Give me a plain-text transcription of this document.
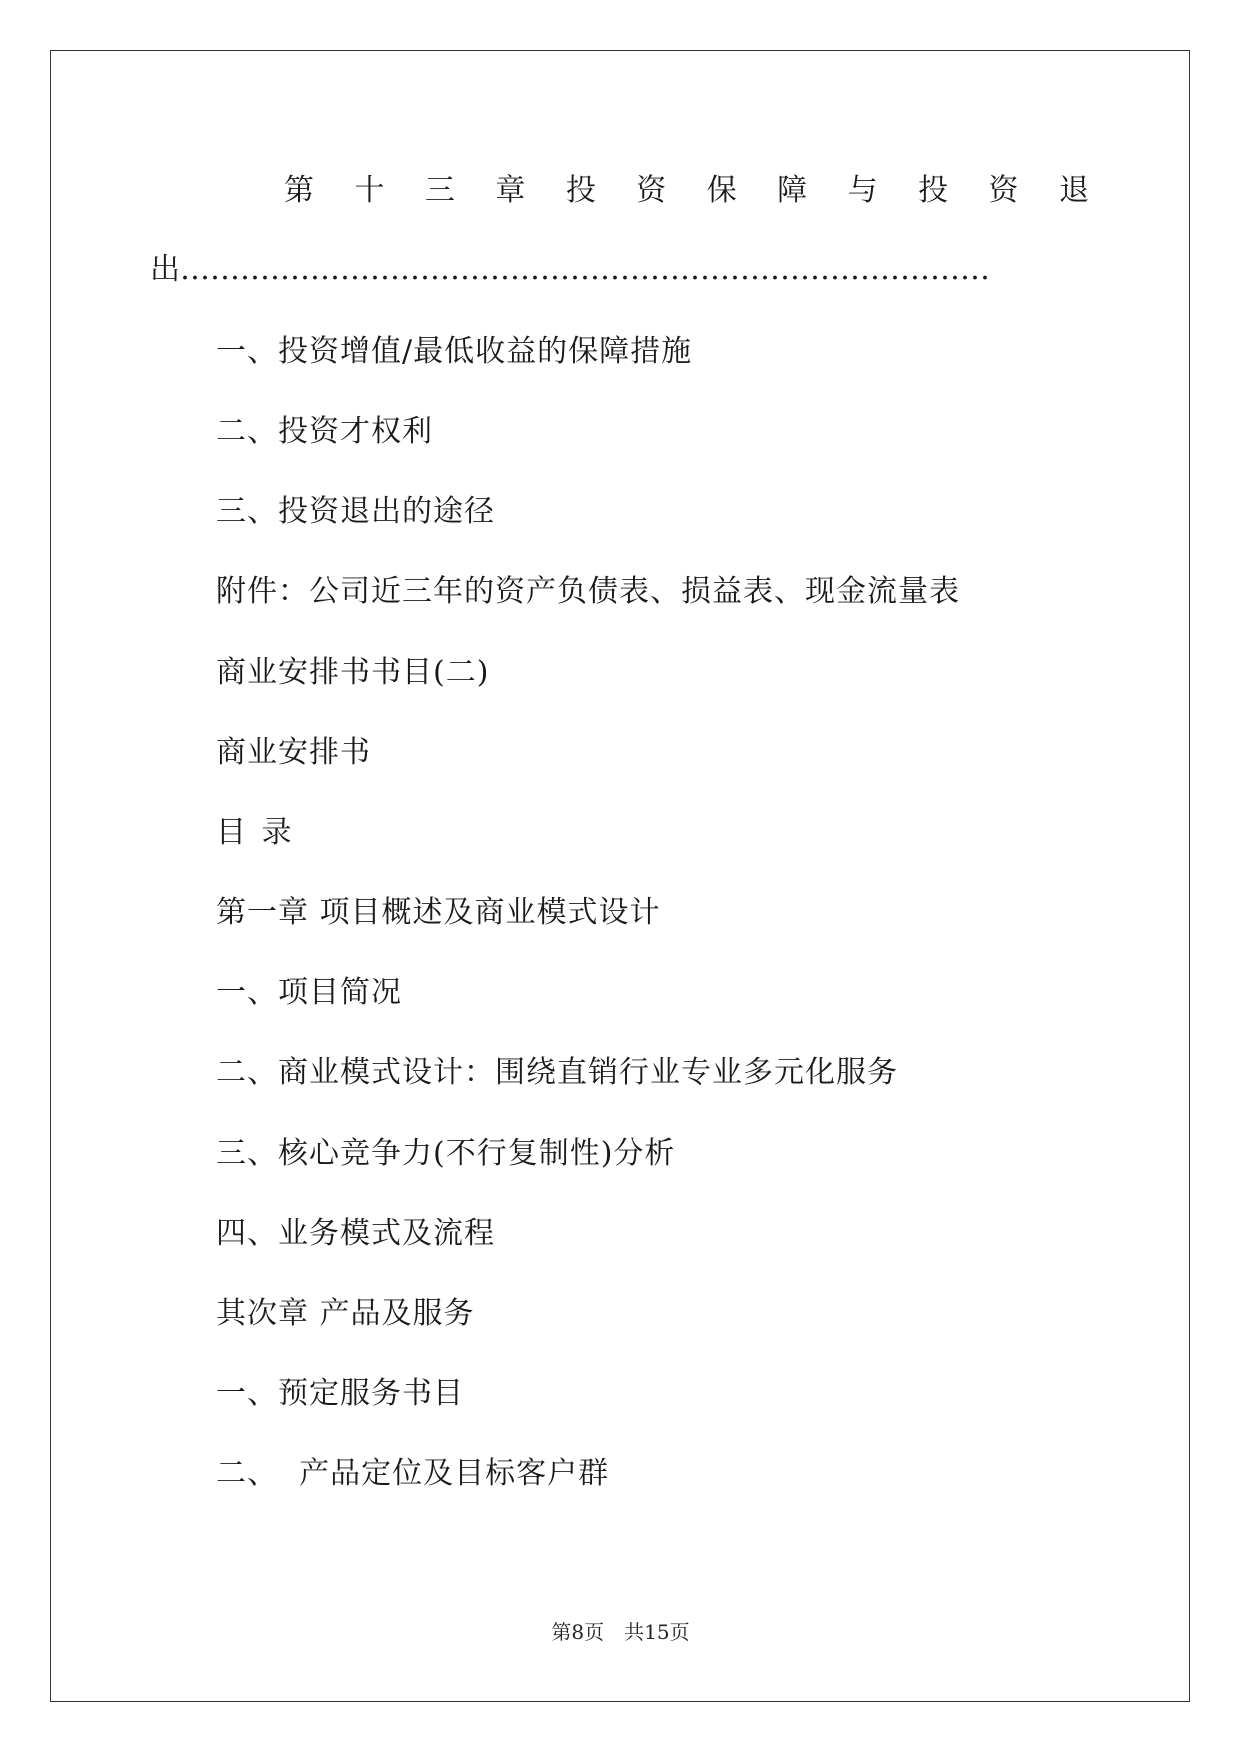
第 十 三 章 投 资 保 障 与 投 资 退
出………………………………………………………………………
一、投资增值/最低收益的保障措施
二、投资才权利
三、投资退出的途径
附件：公司近三年的资产负债表、损益表、现金流量表
商业安排书书目(二)
商业安排书
目 录
第一章 项目概述及商业模式设计
一、项目简况
二、商业模式设计：围绕直销行业专业多元化服务
三、核心竞争力(不行复制性)分析
四、业务模式及流程
其次章 产品及服务
一、预定服务书目
二、  产品定位及目标客户群
第8页 共15页
